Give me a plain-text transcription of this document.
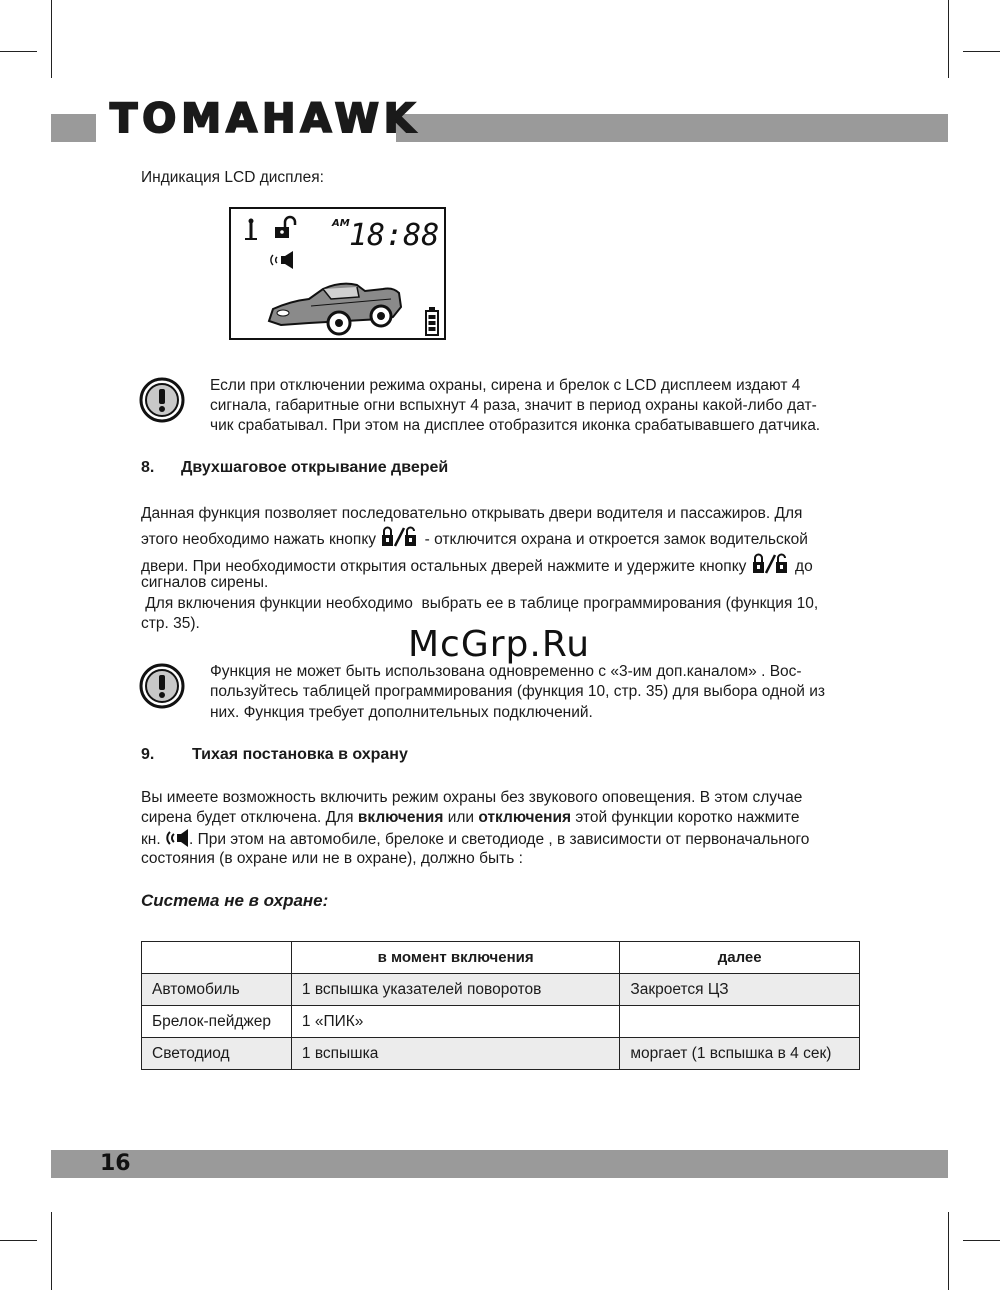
TOMAHAWK
Индикация LCD дисплея:
AM 18:88
Если при отключении режима охраны, сирена и брелок с LCD дисплеем издают 4
сигнала, габаритные огни вспыхнут 4 раза, значит в период охраны какой-либо дат-
чик срабатывал. При этом на дисплее отобразится иконка срабатывавшего датчика.
8. Двухшаговое открывание дверей
Данная функция позволяет последовательно открывать двери водителя и пассажиров. Для
этого необходимо нажать кнопку	- отключится охрана и откроется замок водительской
двери. При необходимости открытия остальных дверей нажмите и удержите кнопку	до
сигналов сирены.
Для включения функции необходимо  выбрать ее в таблице программирования (функция 10,
стр. 35).
McGrp.Ru
Функция не может быть использована одновременно с «3-им доп.каналом» . Вос-
пользуйтесь таблицей программирования (функция 10, стр. 35) для выбора одной из
них. Функция требует дополнительных подключений.
9. Тихая постановка в охрану
Вы имеете возможность включить режим охраны без звукового оповещения. В этом случае
сирена будет отключена. Для включения или отключения этой функции коротко нажмите
кн. . При этом на автомобиле, брелоке и светодиоде , в зависимости от первоначального
состояния (в охране или не в охране), должно быть :
Система не в охране:
	в момент включения	далее
Автомобиль	1 вспышка указателей поворотов	Закроется ЦЗ
Брелок-пейджер	1 «ПИК»	
Светодиод	1 вспышка	моргает (1 вспышка в 4 сек)
16
